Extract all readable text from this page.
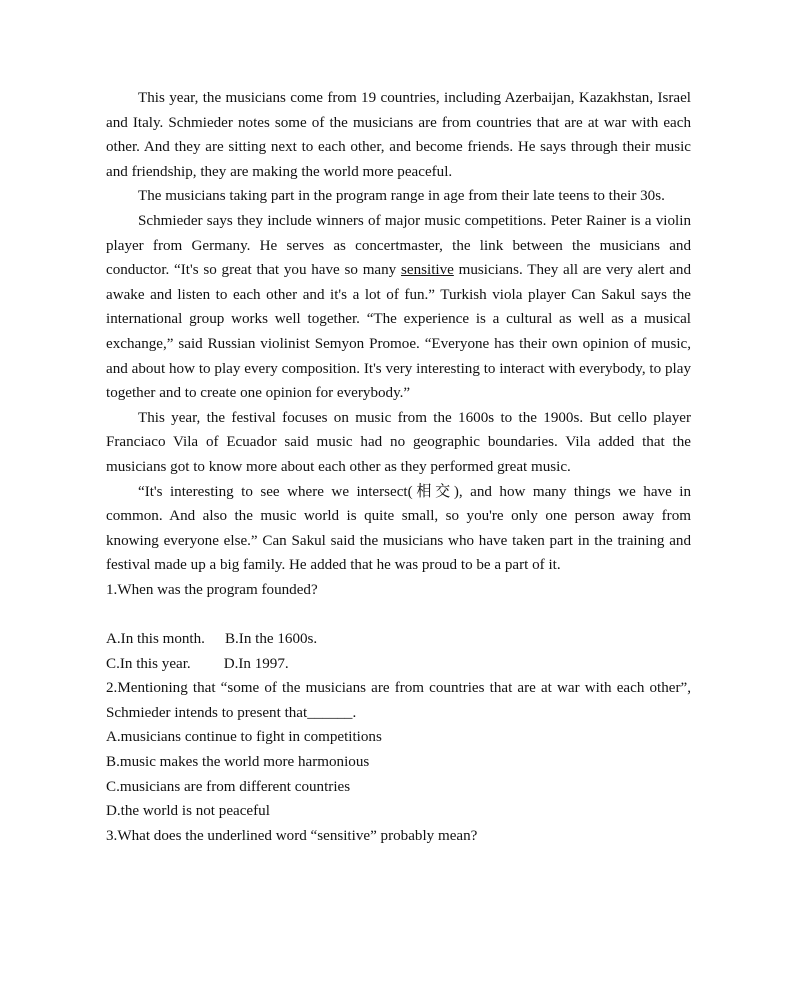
This year, the musicians come from 19 countries, including Azerbaijan, Kazakhstan, Israel and Italy. Schmieder notes some of the musicians are from countries that are at war with each other. And they are sitting next to each other, and become friends. He says through their music and friendship, they are making the world more peaceful.

The musicians taking part in the program range in age from their late teens to their 30s.

Schmieder says they include winners of major music competitions. Peter Rainer is a violin player from Germany. He serves as concertmaster, the link between the musicians and conductor. “It's so great that you have so many sensitive musicians. They all are very alert and awake and listen to each other and it's a lot of fun.” Turkish viola player Can Sakul says the international group works well together. “The experience is a cultural as well as a musical exchange,” said Russian violinist Semyon Promoe. “Everyone has their own opinion of music, and about how to play every composition. It's very interesting to interact with everybody, to play together and to create one opinion for everybody.”

This year, the festival focuses on music from the 1600s to the 1900s. But cello player Franciaco Vila of Ecuador said music had no geographic boundaries. Vila added that the musicians got to know more about each other as they performed great music.

“It's interesting to see where we intersect(相交), and how many things we have in common. And also the music world is quite small, so you're only one person away from knowing everyone else.” Can Sakul said the musicians who have taken part in the training and festival made up a big family. He added that he was proud to be a part of it.

1.When was the program founded?

A.In this month. B.In the 1600s.

C.In this year. D.In 1997.

2.Mentioning that “some of the musicians are from countries that are at war with each other”, Schmieder intends to present that______.

A.musicians continue to fight in competitions

B.music makes the world more harmonious

C.musicians are from different countries

D.the world is not peaceful

3.What does the underlined word “sensitive” probably mean?
